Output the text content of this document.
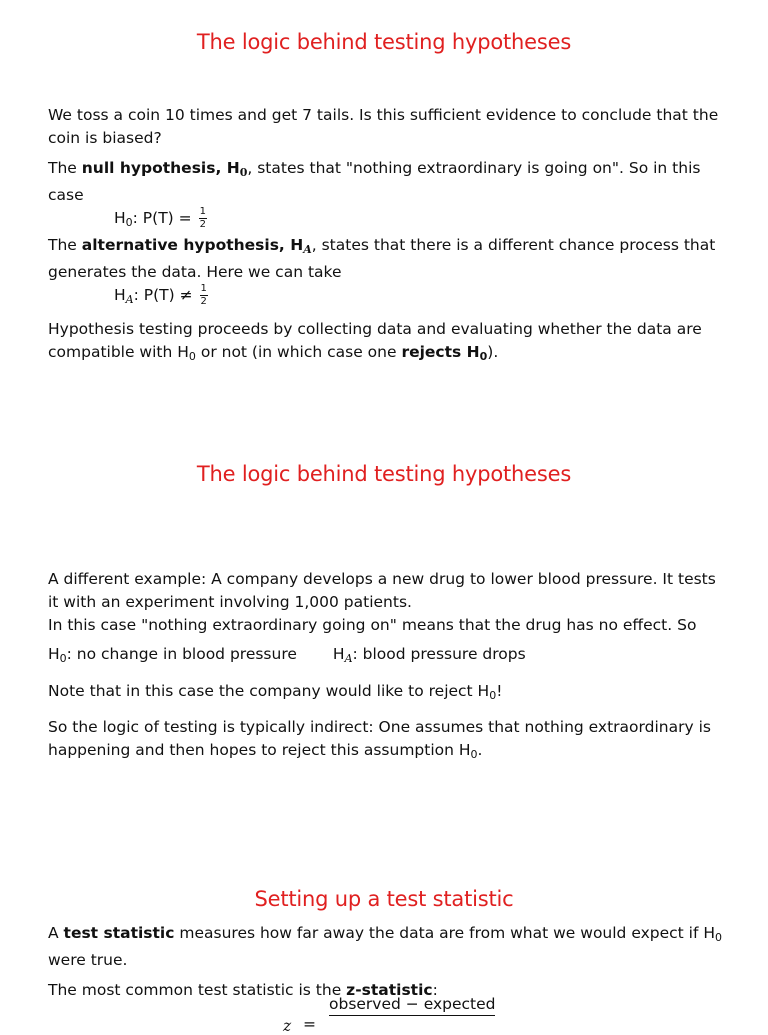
The logic behind testing hypotheses

We toss a coin 10 times and get 7 tails. Is this sufficient evidence to conclude that the coin is biased?

The null hypothesis, H0, states that "nothing extraordinary is going on". So in this case

$H_0$: $P(T) = \frac{1}{2}$

The alternative hypothesis, HA, states that there is a different chance process that generates the data. Here we can take

HA: $P(T) \ne \frac{1}{2}$

Hypothesis testing proceeds by collecting data and evaluating whether the data are compatible with $H_0$ or not (in which case one rejects $H_0$).

The logic behind testing hypotheses

A different example: A company develops a new drug to lower blood pressure. It tests it with an experiment involving 1,000 patients.

In this case "nothing extraordinary going on" means that the drug has no effect. So

$H_0$: no change in blood pressure HA: blood pressure drops

Note that in this case the company would like to reject $H_0$!

So the logic of testing is typically indirect: One assumes that nothing extraordinary is happening and then hopes to reject this assumption $H_0$.

Setting up a test statistic

A test statistic measures how far away the data are from what we would expect if $H_0$ were true.

The most common test statistic is the z-statistic:

z =
observed − expected
